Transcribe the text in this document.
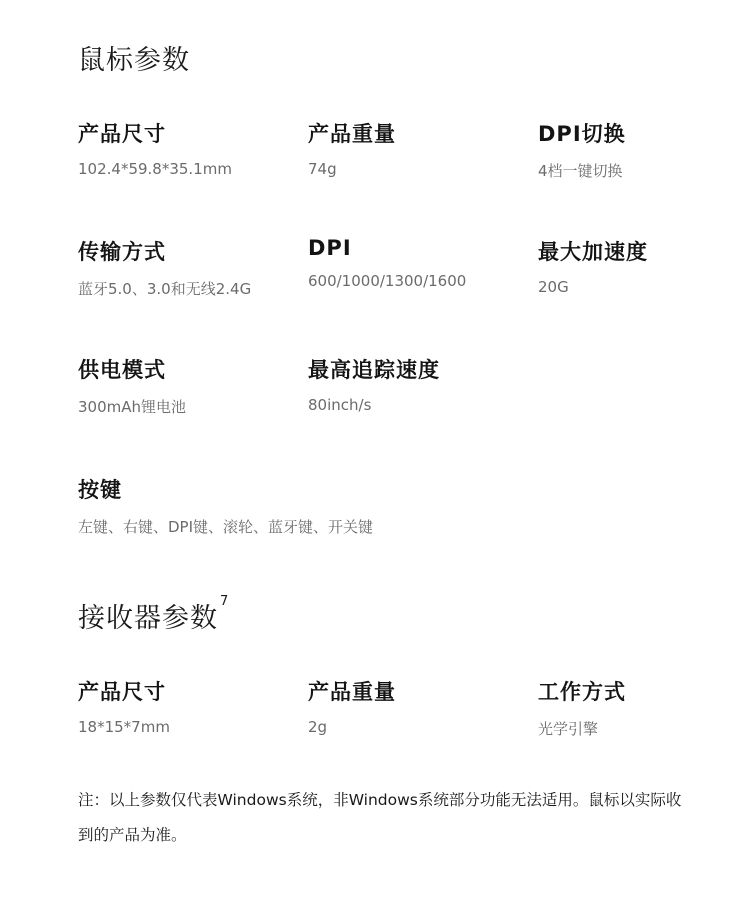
鼠标参数
产品尺寸
102.4*59.8*35.1mm
产品重量
74g
DPI切换
4档一键切换
传输方式
蓝牙5.0、3.0和无线2.4G
DPI
600/1000/1300/1600
最大加速度
20G
供电模式
300mAh锂电池
最高追踪速度
80inch/s
按键
左键、右键、DPI键、滚轮、蓝牙键、开关键
接收器参数$^7$
产品尺寸
18*15*7mm
产品重量
2g
工作方式
光学引擎
注：以上参数仅代表Windows系统，非Windows系统部分功能无法适用。鼠标以实际收到的产品为准。
